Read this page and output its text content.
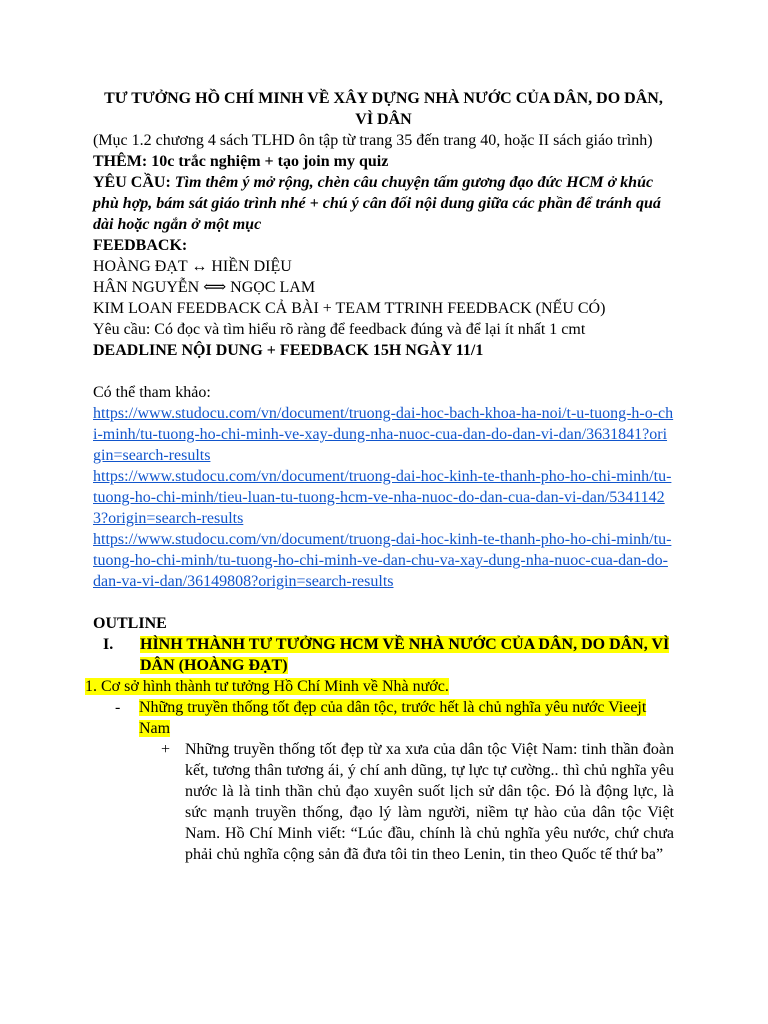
TƯ TƯỞNG HỒ CHÍ MINH VỀ XÂY DỰNG NHÀ NƯỚC CỦA DÂN, DO DÂN, VÌ DÂN

(Mục 1.2 chương 4 sách TLHD ôn tập từ trang 35 đến trang 40, hoặc II sách giáo trình)

THÊM: 10c trắc nghiệm + tạo join my quiz

YÊU CẦU: Tìm thêm ý mở rộng, chèn câu chuyện tấm gương đạo đức HCM ở khúc phù hợp, bám sát giáo trình nhé + chú ý cân đối nội dung giữa các phần để tránh quá dài hoặc ngắn ở một mục

FEEDBACK:

HOÀNG ĐẠT ↔ HIỀN DIỆU

HÂN NGUYỄN ⟺ NGỌC LAM

KIM LOAN FEEDBACK CẢ BÀI + TEAM TTRINH FEEDBACK (NẾU CÓ)

Yêu cầu: Có đọc và tìm hiểu rõ ràng để feedback đúng và để lại ít nhất 1 cmt

DEADLINE NỘI DUNG + FEEDBACK 15H NGÀY 11/1

Có thể tham khảo:

https://www.studocu.com/vn/document/truong-dai-hoc-bach-khoa-ha-noi/t-u-tuong-h-o-chi-minh/tu-tuong-ho-chi-minh-ve-xay-dung-nha-nuoc-cua-dan-do-dan-vi-dan/3631841?origin=search-results
https://www.studocu.com/vn/document/truong-dai-hoc-kinh-te-thanh-pho-ho-chi-minh/tu-tuong-ho-chi-minh/tieu-luan-tu-tuong-hcm-ve-nha-nuoc-do-dan-cua-dan-vi-dan/53411423?origin=search-results
https://www.studocu.com/vn/document/truong-dai-hoc-kinh-te-thanh-pho-ho-chi-minh/tu-tuong-ho-chi-minh/tu-tuong-ho-chi-minh-ve-dan-chu-va-xay-dung-nha-nuoc-cua-dan-do-dan-va-vi-dan/36149808?origin=search-results

OUTLINE

I.	HÌNH THÀNH TƯ TƯỞNG HCM VỀ NHÀ NƯỚC CỦA DÂN, DO DÂN, VÌ DÂN (HOÀNG ĐẠT)

1. Cơ sở hình thành tư tưởng Hồ Chí Minh về Nhà nước.

-	Những truyền thống tốt đẹp của dân tộc, trước hết là chủ nghĩa yêu nước Vieejt Nam
+ Những truyền thống tốt đẹp từ xa xưa của dân tộc Việt Nam: tinh thần đoàn kết, tương thân tương ái, ý chí anh dũng, tự lực tự cường.. thì chủ nghĩa yêu nước là là tinh thần chủ đạo xuyên suốt lịch sử dân tộc. Đó là động lực, là sức mạnh truyền thống, đạo lý làm người, niềm tự hào của dân tộc Việt Nam. Hồ Chí Minh viết: “Lúc đầu, chính là chủ nghĩa yêu nước, chứ chưa phải chủ nghĩa cộng sản đã đưa tôi tin theo Lenin, tin theo Quốc tế thứ ba”
